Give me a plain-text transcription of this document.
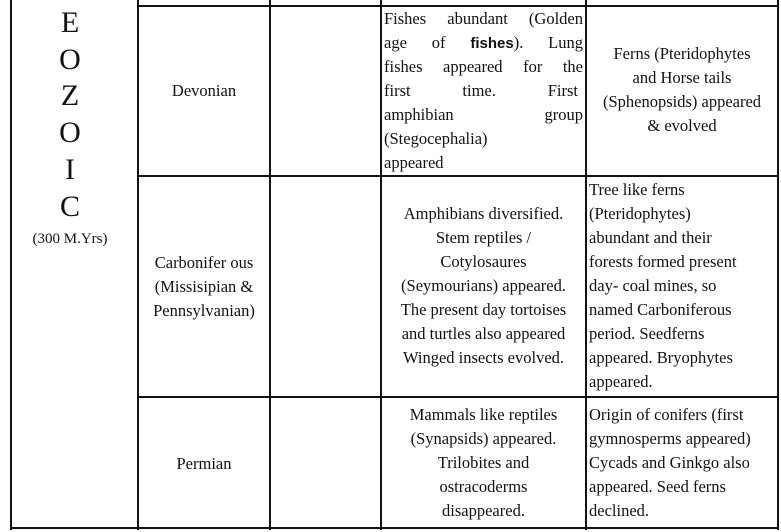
E
O
Z
O
I
C
(300 M.Yrs)
Devonian
Fishes abundant (Golden
age of fishes). Lung
fishes appeared for the
first time. First
amphibian group
(Stegocephalia)
appeared
Ferns (Pteridophytes
and Horse tails
(Sphenopsids) appeared
& evolved
Carbonifer ous
(Missisipian &
Pennsylvanian)
Amphibians diversified.
Stem reptiles /
Cotylosaures
(Seymourians) appeared.
The present day tortoises
and turtles also appeared
Winged insects evolved.
Tree like ferns
(Pteridophytes)
abundant and their
forests formed present
day- coal mines, so
named Carboniferous
period. Seedferns
appeared. Bryophytes
appeared.
Permian
Mammals like reptiles
(Synapsids) appeared.
Trilobites and
ostracoderms
disappeared.
Origin of conifers (first
gymnosperms appeared)
Cycads and Ginkgo also
appeared. Seed ferns
declined.
